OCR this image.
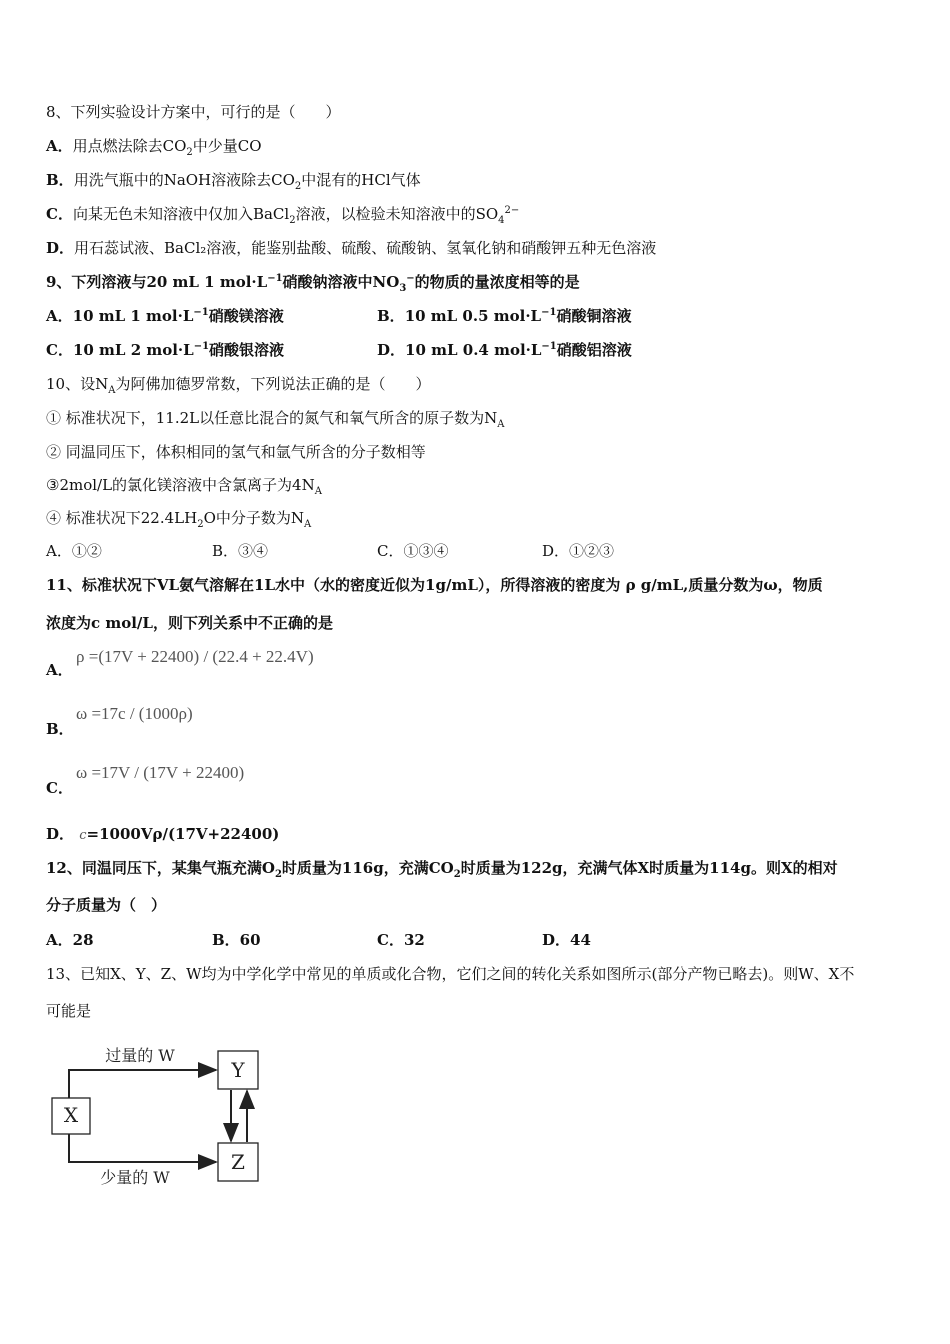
8、下列实验设计方案中，可行的是（　　）
A．用点燃法除去$CO_2$中少量CO
B．用洗气瓶中的NaOH溶液除去$CO_2$中混有的HCl气体
C．向某无色未知溶液中仅加入BaCl$_2$溶液，以检验未知溶液中的$SO_4^{2-}$
D．用石蕊试液、BaCl₂溶液，能鉴别盐酸、硫酸、硫酸钠、氢氧化钠和硝酸钾五种无色溶液
9、下列溶液与20 mL 1 $mol\cdot L^{-1}$硝酸钠溶液中$NO_3^-$的物质的量浓度相等的是
A．10 mL 1 $mol\cdot L^{-1}$硝酸镁溶液	B．10 mL 0.5 $mol\cdot L^{-1}$硝酸铜溶液
C．10 mL 2 $mol\cdot L^{-1}$硝酸银溶液	D．10 mL 0.4 $mol\cdot L^{-1}$硝酸铝溶液
10、设$N_A$为阿佛加德罗常数，下列说法正确的是（　　）
① 标准状况下，11.2L以任意比混合的氮气和氧气所含的原子数为$N_A$
② 同温同压下，体积相同的氢气和氩气所含的分子数相等
③2mol/L的氯化镁溶液中含氯离子为$4N_A$
④ 标准状况下$22.4LH_2O$中分子数为$N_A$
A．①②	B．③④	C．①③④	D．①②③
11、标准状况下VL氨气溶解在1L水中（水的密度近似为1g/mL），所得溶液的密度为 ρ g/mL,质量分数为ω，物质
浓度为c mol/L，则下列关系中不正确的是
A．
ρ =(17V + 22400) / (22.4 + 22.4V)
B．
ω =17c / (1000ρ)
C．
ω =17V / (17V + 22400)
D． c=1000Vρ/(17V+22400)
12、同温同压下，某集气瓶充满$O_2$时质量为116g，充满$CO_2$时质量为122g，充满气体X时质量为114g。则X的相对
分子质量为（　）
A．28	B．60	C．32	D．44
13、已知X、Y、Z、W均为中学化学中常见的单质或化合物，它们之间的转化关系如图所示(部分产物已略去)。则W、X不
可能是
X
Y
Z
过量的 W
少量的 W
